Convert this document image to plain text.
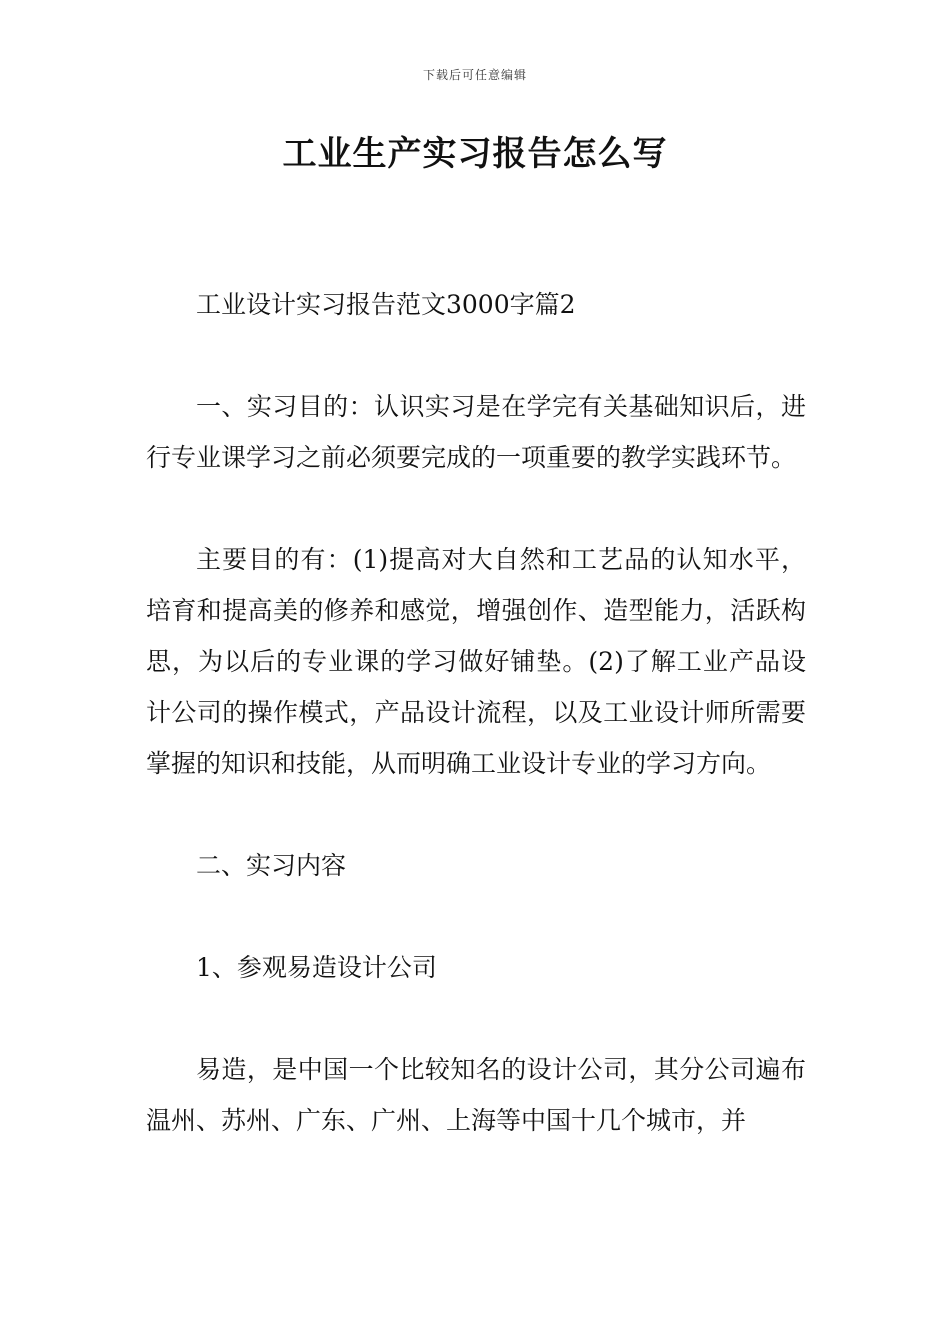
下载后可任意编辑
工业生产实习报告怎么写

工业设计实习报告范文3000字篇2

一、实习目的：认识实习是在学完有关基础知识后，进行专业课学习之前必须要完成的一项重要的教学实践环节。

主要目的有：(1)提高对大自然和工艺品的认知水平，培育和提高美的修养和感觉，增强创作、造型能力，活跃构思，为以后的专业课的学习做好铺垫。(2)了解工业产品设计公司的操作模式，产品设计流程，以及工业设计师所需要掌握的知识和技能，从而明确工业设计专业的学习方向。

二、实习内容

1、参观易造设计公司

易造，是中国一个比较知名的设计公司，其分公司遍布温州、苏州、广东、广州、上海等中国十几个城市，并
